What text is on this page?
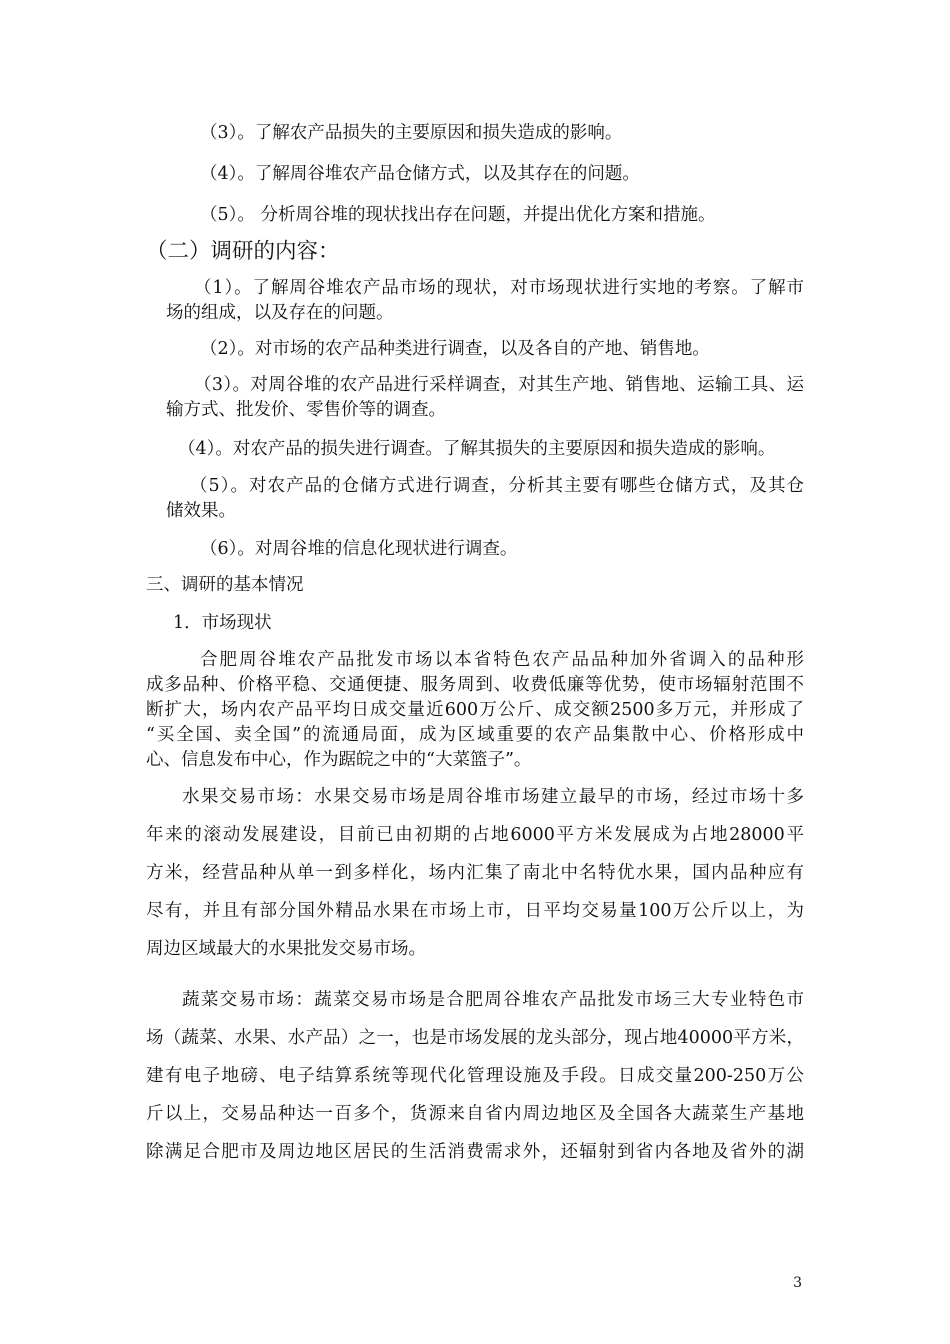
（3）。了解农产品损失的主要原因和损失造成的影响。
（4）。了解周谷堆农产品仓储方式，以及其存在的问题。
（5）。 分析周谷堆的现状找出存在问题，并提出优化方案和措施。
（二）调研的内容：
（1）。了解周谷堆农产品市场的现状，对市场现状进行实地的考察。了解市
场的组成，以及存在的问题。
（2）。对市场的农产品种类进行调查，以及各自的产地、销售地。
（3）。对周谷堆的农产品进行采样调查，对其生产地、销售地、运输工具、运
输方式、批发价、零售价等的调查。
（4）。对农产品的损失进行调查。了解其损失的主要原因和损失造成的影响。
（5）。对农产品的仓储方式进行调查，分析其主要有哪些仓储方式，及其仓
储效果。
（6）。对周谷堆的信息化现状进行调查。
三、调研的基本情况
1．市场现状
合肥周谷堆农产品批发市场以本省特色农产品品种加外省调入的品种形
成多品种、价格平稳、交通便捷、服务周到、收费低廉等优势，使市场辐射范围不
断扩大，场内农产品平均日成交量近600万公斤、成交额2500多万元，并形成了
“买全国、卖全国”的流通局面，成为区域重要的农产品集散中心、价格形成中
心、信息发布中心，作为踞皖之中的“大菜篮子”。
水果交易市场：水果交易市场是周谷堆市场建立最早的市场，经过市场十多
年来的滚动发展建设，目前已由初期的占地6000平方米发展成为占地28000平
方米，经营品种从单一到多样化，场内汇集了南北中名特优水果，国内品种应有
尽有，并且有部分国外精品水果在市场上市，日平均交易量100万公斤以上，为
周边区域最大的水果批发交易市场。
蔬菜交易市场：蔬菜交易市场是合肥周谷堆农产品批发市场三大专业特色市
场（蔬菜、水果、水产品）之一，也是市场发展的龙头部分，现占地40000平方米，
建有电子地磅、电子结算系统等现代化管理设施及手段。日成交量200-250万公
斤以上，交易品种达一百多个，货源来自省内周边地区及全国各大蔬菜生产基地
除满足合肥市及周边地区居民的生活消费需求外，还辐射到省内各地及省外的湖
3
